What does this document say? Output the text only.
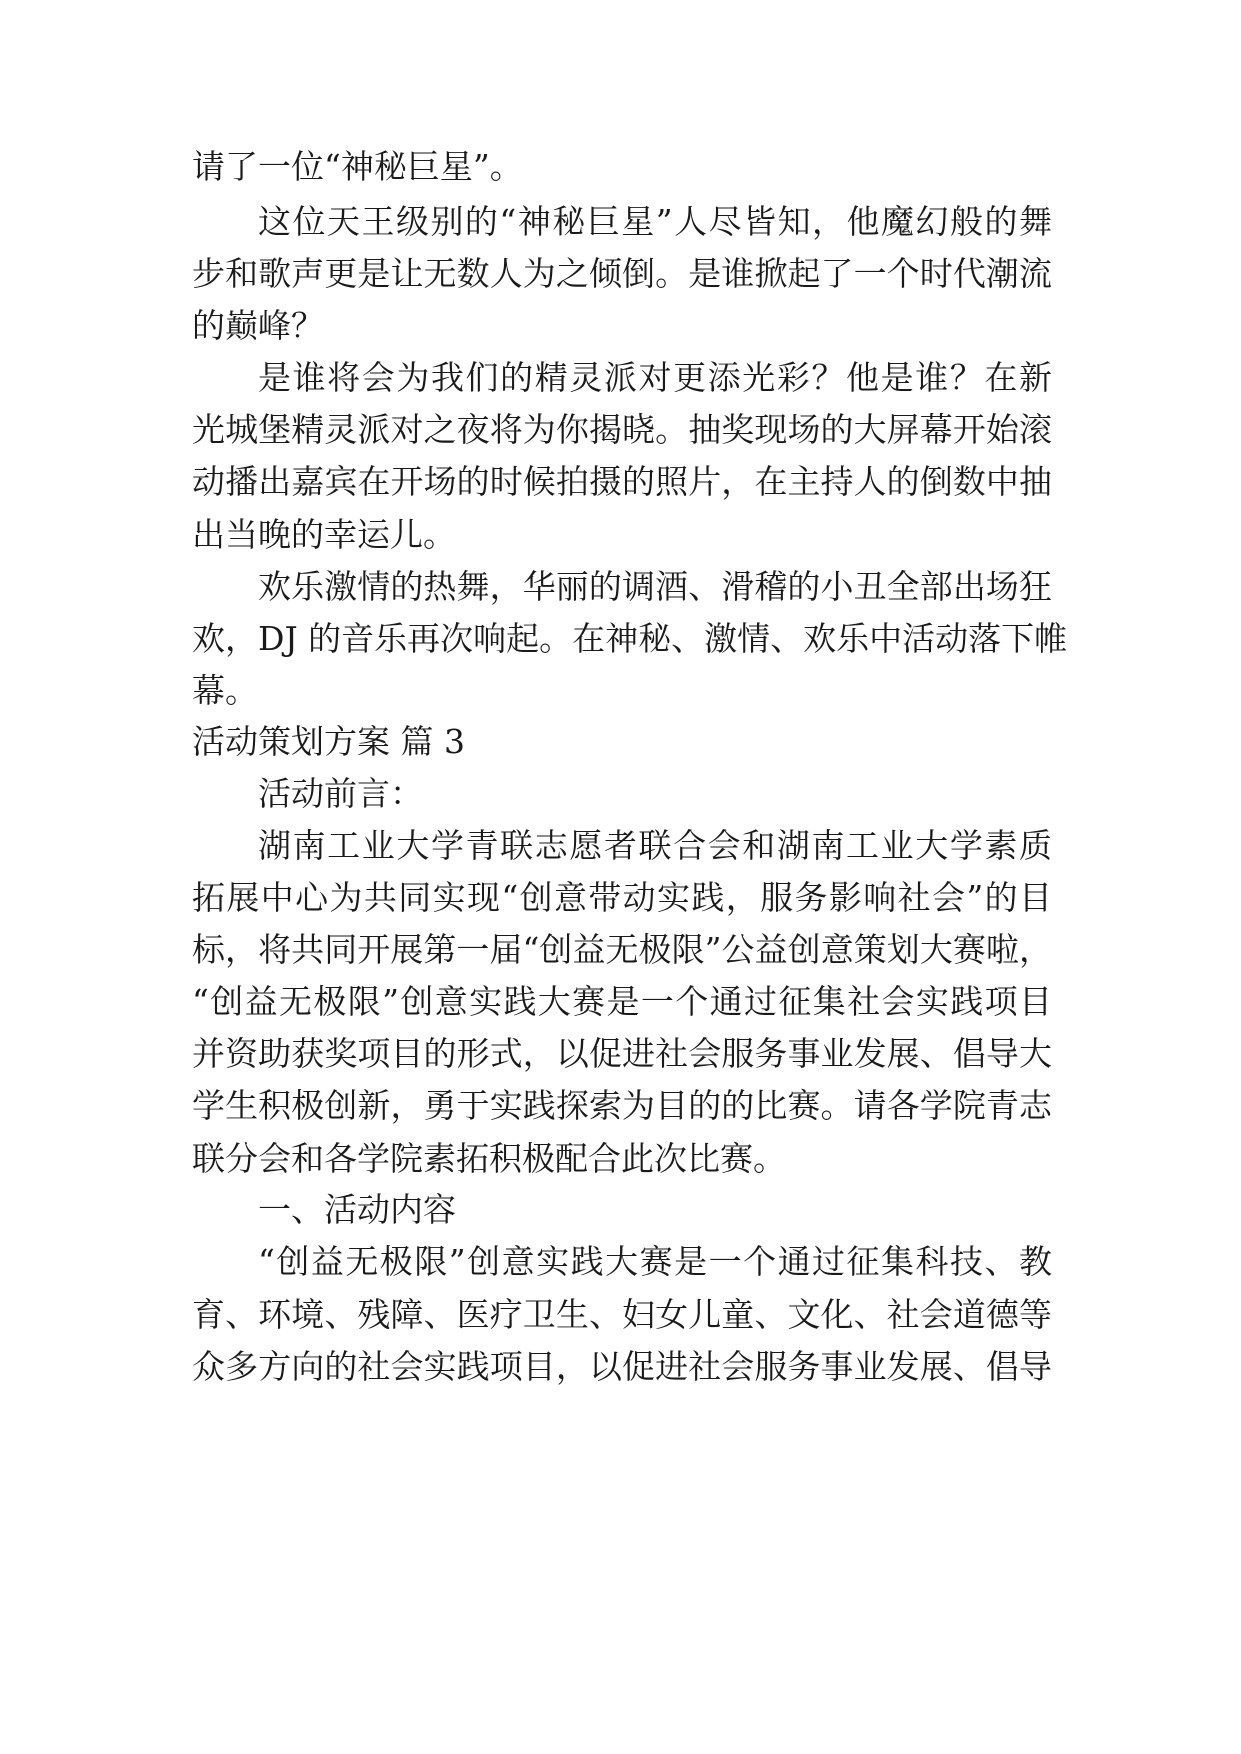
请了一位“神秘巨星”。
这位天王级别的“神秘巨星”人尽皆知，他魔幻般的舞
步和歌声更是让无数人为之倾倒。是谁掀起了一个时代潮流
的巅峰？
是谁将会为我们的精灵派对更添光彩？他是谁？在新
光城堡精灵派对之夜将为你揭晓。抽奖现场的大屏幕开始滚
动播出嘉宾在开场的时候拍摄的照片，在主持人的倒数中抽
出当晚的幸运儿。
欢乐激情的热舞，华丽的调酒、滑稽的小丑全部出场狂
欢，DJ 的音乐再次响起。在神秘、激情、欢乐中活动落下帷
幕。
活动策划方案 篇 3
活动前言：
湖南工业大学青联志愿者联合会和湖南工业大学素质
拓展中心为共同实现“创意带动实践，服务影响社会”的目
标，将共同开展第一届“创益无极限”公益创意策划大赛啦，
“创益无极限”创意实践大赛是一个通过征集社会实践项目
并资助获奖项目的形式，以促进社会服务事业发展、倡导大
学生积极创新，勇于实践探索为目的的比赛。请各学院青志
联分会和各学院素拓积极配合此次比赛。
一、活动内容
“创益无极限”创意实践大赛是一个通过征集科技、教
育、环境、残障、医疗卫生、妇女儿童、文化、社会道德等
众多方向的社会实践项目，以促进社会服务事业发展、倡导
